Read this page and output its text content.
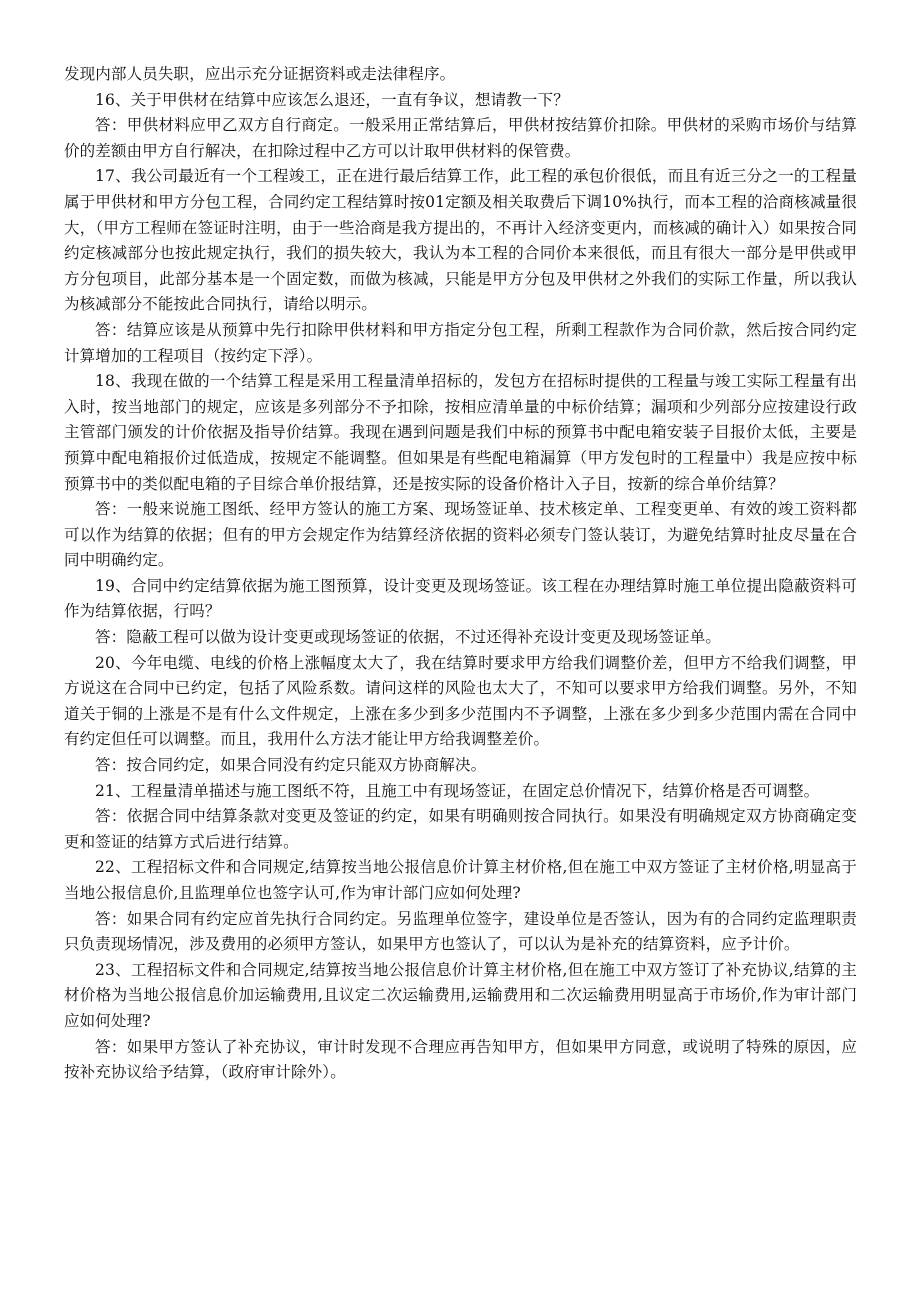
发现内部人员失职，应出示充分证据资料或走法律程序。

16、关于甲供材在结算中应该怎么退还，一直有争议，想请教一下？

答：甲供材料应甲乙双方自行商定。一般采用正常结算后，甲供材按结算价扣除。甲供材的采购市场价与结算价的差额由甲方自行解决，在扣除过程中乙方可以计取甲供材料的保管费。

17、我公司最近有一个工程竣工，正在进行最后结算工作，此工程的承包价很低，而且有近三分之一的工程量属于甲供材和甲方分包工程，合同约定工程结算时按01定额及相关取费后下调10%执行，而本工程的洽商核减量很大，（甲方工程师在签证时注明，由于一些洽商是我方提出的，不再计入经济变更内，而核减的确计入）如果按合同约定核减部分也按此规定执行，我们的损失较大，我认为本工程的合同价本来很低，而且有很大一部分是甲供或甲方分包项目，此部分基本是一个固定数，而做为核减，只能是甲方分包及甲供材之外我们的实际工作量，所以我认为核减部分不能按此合同执行，请给以明示。

答：结算应该是从预算中先行扣除甲供材料和甲方指定分包工程，所剩工程款作为合同价款，然后按合同约定计算增加的工程项目（按约定下浮）。

18、我现在做的一个结算工程是采用工程量清单招标的，发包方在招标时提供的工程量与竣工实际工程量有出入时，按当地部门的规定，应该是多列部分不予扣除，按相应清单量的中标价结算；漏项和少列部分应按建设行政主管部门颁发的计价依据及指导价结算。我现在遇到问题是我们中标的预算书中配电箱安装子目报价太低，主要是预算中配电箱报价过低造成，按规定不能调整。但如果是有些配电箱漏算（甲方发包时的工程量中）我是应按中标预算书中的类似配电箱的子目综合单价报结算，还是按实际的设备价格计入子目，按新的综合单价结算？

答：一般来说施工图纸、经甲方签认的施工方案、现场签证单、技术核定单、工程变更单、有效的竣工资料都可以作为结算的依据；但有的甲方会规定作为结算经济依据的资料必须专门签认装订，为避免结算时扯皮尽量在合同中明确约定。

19、合同中约定结算依据为施工图预算，设计变更及现场签证。该工程在办理结算时施工单位提出隐蔽资料可作为结算依据，行吗？

答：隐蔽工程可以做为设计变更或现场签证的依据，不过还得补充设计变更及现场签证单。

20、今年电缆、电线的价格上涨幅度太大了，我在结算时要求甲方给我们调整价差，但甲方不给我们调整，甲方说这在合同中已约定，包括了风险系数。请问这样的风险也太大了，不知可以要求甲方给我们调整。另外，不知道关于铜的上涨是不是有什么文件规定，上涨在多少到多少范围内不予调整，上涨在多少到多少范围内需在合同中有约定但任可以调整。而且，我用什么方法才能让甲方给我调整差价。

答：按合同约定，如果合同没有约定只能双方协商解决。

21、工程量清单描述与施工图纸不符，且施工中有现场签证，在固定总价情况下，结算价格是否可调整。

答：依据合同中结算条款对变更及签证的约定，如果有明确则按合同执行。如果没有明确规定双方协商确定变更和签证的结算方式后进行结算。

22、工程招标文件和合同规定,结算按当地公报信息价计算主材价格,但在施工中双方签证了主材价格,明显高于当地公报信息价,且监理单位也签字认可,作为审计部门应如何处理?

答：如果合同有约定应首先执行合同约定。另监理单位签字，建设单位是否签认，因为有的合同约定监理职责只负责现场情况，涉及费用的必须甲方签认，如果甲方也签认了，可以认为是补充的结算资料，应予计价。

23、工程招标文件和合同规定,结算按当地公报信息价计算主材价格,但在施工中双方签订了补充协议,结算的主材价格为当地公报信息价加运输费用,且议定二次运输费用,运输费用和二次运输费用明显高于市场价,作为审计部门应如何处理?

答：如果甲方签认了补充协议，审计时发现不合理应再告知甲方，但如果甲方同意，或说明了特殊的原因，应按补充协议给予结算，（政府审计除外）。
